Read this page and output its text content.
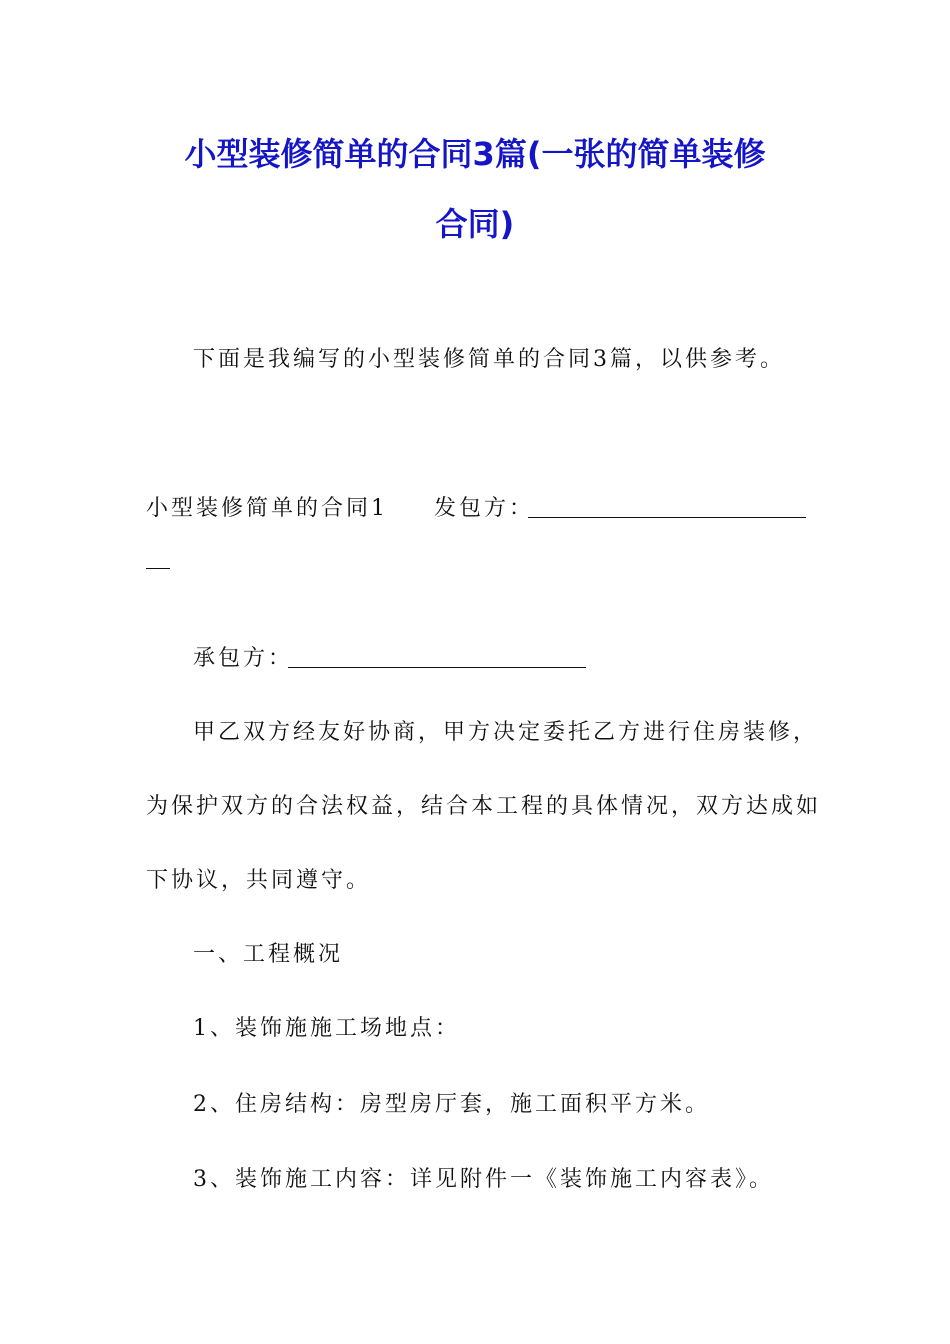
小型装修简单的合同3篇(一张的简单装修
合同)
下面是我编写的小型装修简单的合同3篇，以供参考。
小型装修简单的合同1 发包方：
承包方：
甲乙双方经友好协商，甲方决定委托乙方进行住房装修，
为保护双方的合法权益，结合本工程的具体情况，双方达成如
下协议，共同遵守。
一、工程概况
1、装饰施施工场地点：
2、住房结构：房型房厅套，施工面积平方米。
3、装饰施工内容：详见附件一《装饰施工内容表》。
